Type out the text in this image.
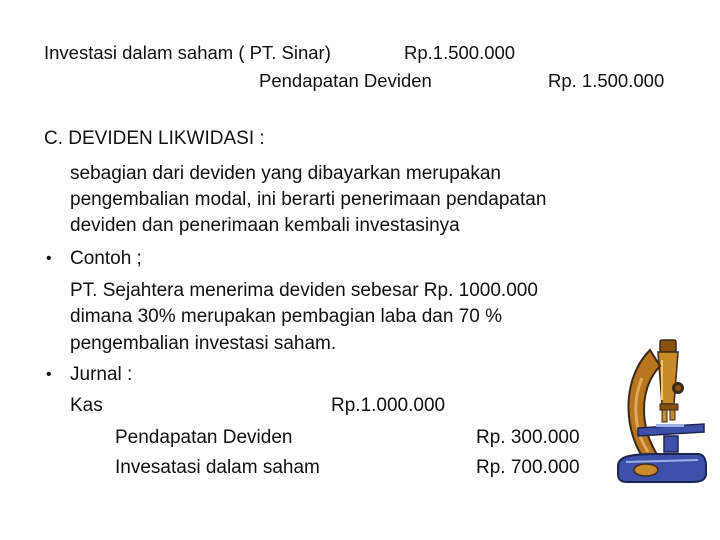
Investasi dalam saham ( PT. Sinar)	Rp.1.500.000
Pendapatan Deviden	Rp. 1.500.000
C. DEVIDEN LIKWIDASI :
sebagian dari deviden yang dibayarkan merupakan
pengembalian modal, ini berarti penerimaan pendapatan
deviden dan penerimaan kembali investasinya
• Contoh ;
PT. Sejahtera menerima deviden sebesar Rp. 1000.000
dimana 30% merupakan pembagian laba dan 70 %
pengembalian investasi saham.
• Jurnal :
Kas	Rp.1.000.000
Pendapatan Deviden	Rp. 300.000
Invesatasi dalam saham	Rp. 700.000
